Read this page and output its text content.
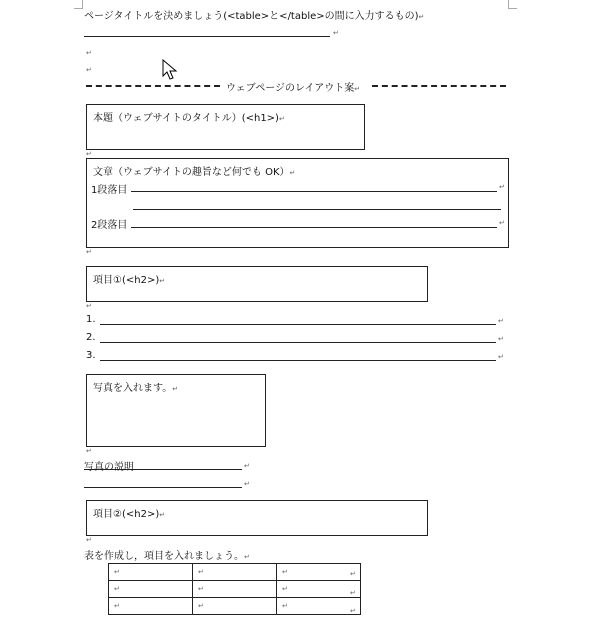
ページタイトルを決めましょう(<table>と</table>の間に入力するもの)↵
↵
↵
↵
ウェブページのレイアウト案↵
本題（ウェブサイトのタイトル）(<h1>)↵
↵
文章（ウェブサイトの趣旨など何でも OK）↵
1段落目	↵
2段落目	↵
↵
項目①(<h2>)↵
↵
1.	↵
2.	↵
3.	↵
写真を入れます。↵
↵
写真の説明	↵
↵
項目②(<h2>)↵
↵
表を作成し，項目を入れましょう。↵
↵	↵	↵
↵	↵	↵
↵	↵	↵
↵
↵
↵
